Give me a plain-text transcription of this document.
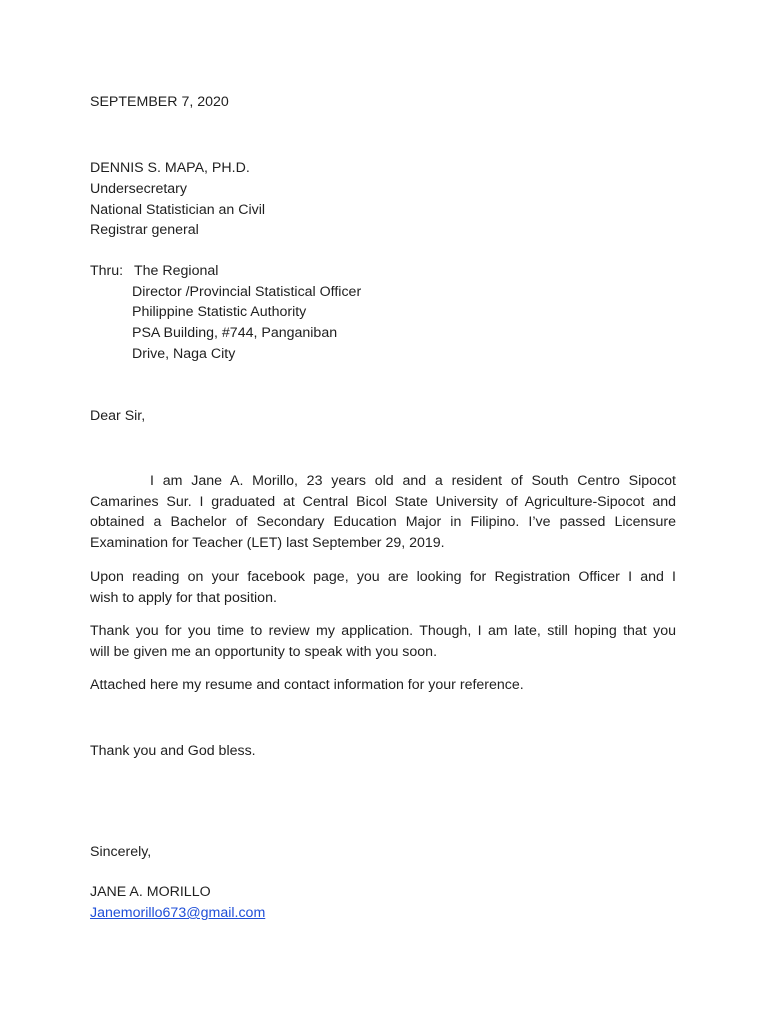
SEPTEMBER 7, 2020

DENNIS S. MAPA, PH.D.

Undersecretary

National Statistician an Civil

Registrar general

Thru: The Regional

Director /Provincial Statistical Officer

Philippine Statistic Authority

PSA Building, #744, Panganiban

Drive, Naga City

Dear Sir,

I am Jane A. Morillo, 23 years old and a resident of South Centro Sipocot
Camarines Sur. I graduated at Central Bicol State University of Agriculture-Sipocot and
obtained a Bachelor of Secondary Education Major in Filipino. I’ve passed Licensure
Examination for Teacher (LET) last September 29, 2019.
Upon reading on your facebook page, you are looking for Registration Officer I and I
wish to apply for that position.
Thank you for you time to review my application. Though, I am late, still hoping that you
will be given me an opportunity to speak with you soon.

Attached here my resume and contact information for your reference.

Thank you and God bless.

Sincerely,

JANE A. MORILLO

Janemorillo673@gmail.com
